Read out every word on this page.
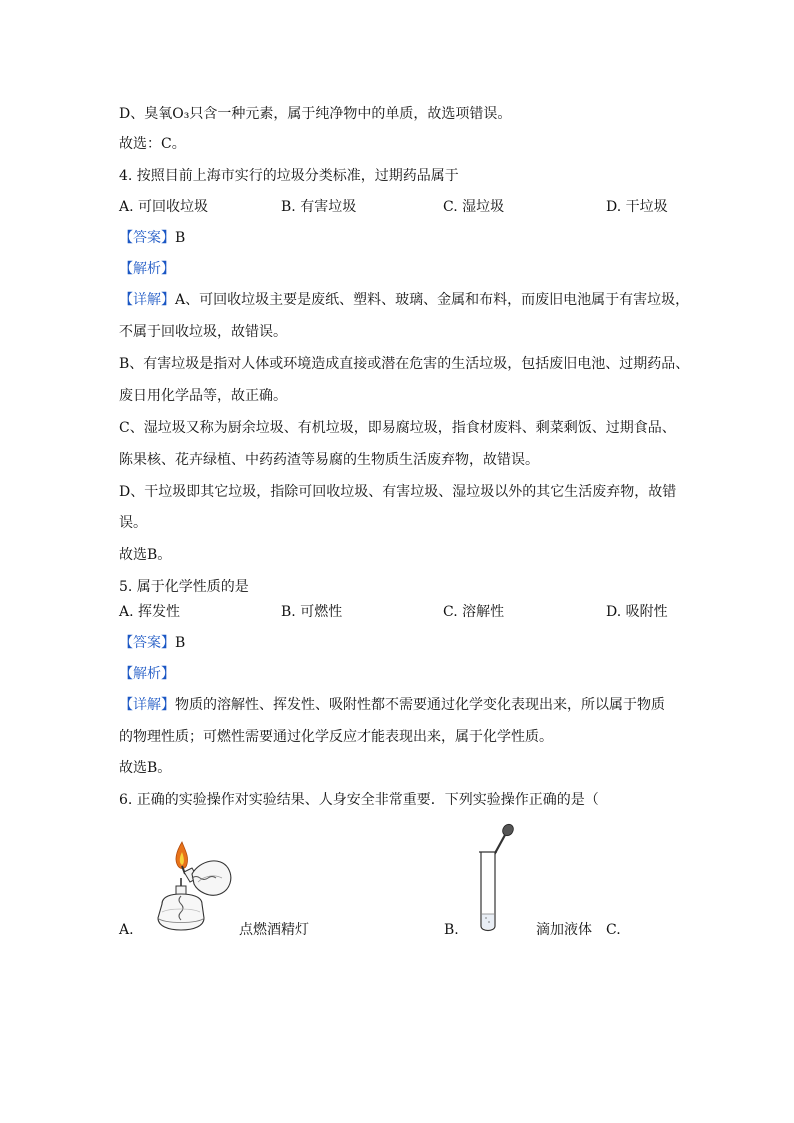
D、臭氧O₃只含一种元素，属于纯净物中的单质，故选项错误。
故选：C。
4. 按照目前上海市实行的垃圾分类标准，过期药品属于
A. 可回收垃圾	B. 有害垃圾	C. 湿垃圾	D. 干垃圾
【答案】B
【解析】
【详解】A、可回收垃圾主要是废纸、塑料、玻璃、金属和布料，而废旧电池属于有害垃圾，
不属于回收垃圾，故错误。
B、有害垃圾是指对人体或环境造成直接或潜在危害的生活垃圾，包括废旧电池、过期药品、
废日用化学品等，故正确。
C、湿垃圾又称为厨余垃圾、有机垃圾，即易腐垃圾，指食材废料、剩菜剩饭、过期食品、
陈果核、花卉绿植、中药药渣等易腐的生物质生活废弃物，故错误。
D、干垃圾即其它垃圾，指除可回收垃圾、有害垃圾、湿垃圾以外的其它生活废弃物，故错
误。
故选B。
5. 属于化学性质的是
A. 挥发性	B. 可燃性	C. 溶解性	D. 吸附性
【答案】B
【解析】
【详解】物质的溶解性、挥发性、吸附性都不需要通过化学变化表现出来，所以属于物质
的物理性质；可燃性需要通过化学反应才能表现出来，属于化学性质。
故选B。
6. 正确的实验操作对实验结果、人身安全非常重要．下列实验操作正确的是（
A.	点燃酒精灯	B.	滴加液体 C.
